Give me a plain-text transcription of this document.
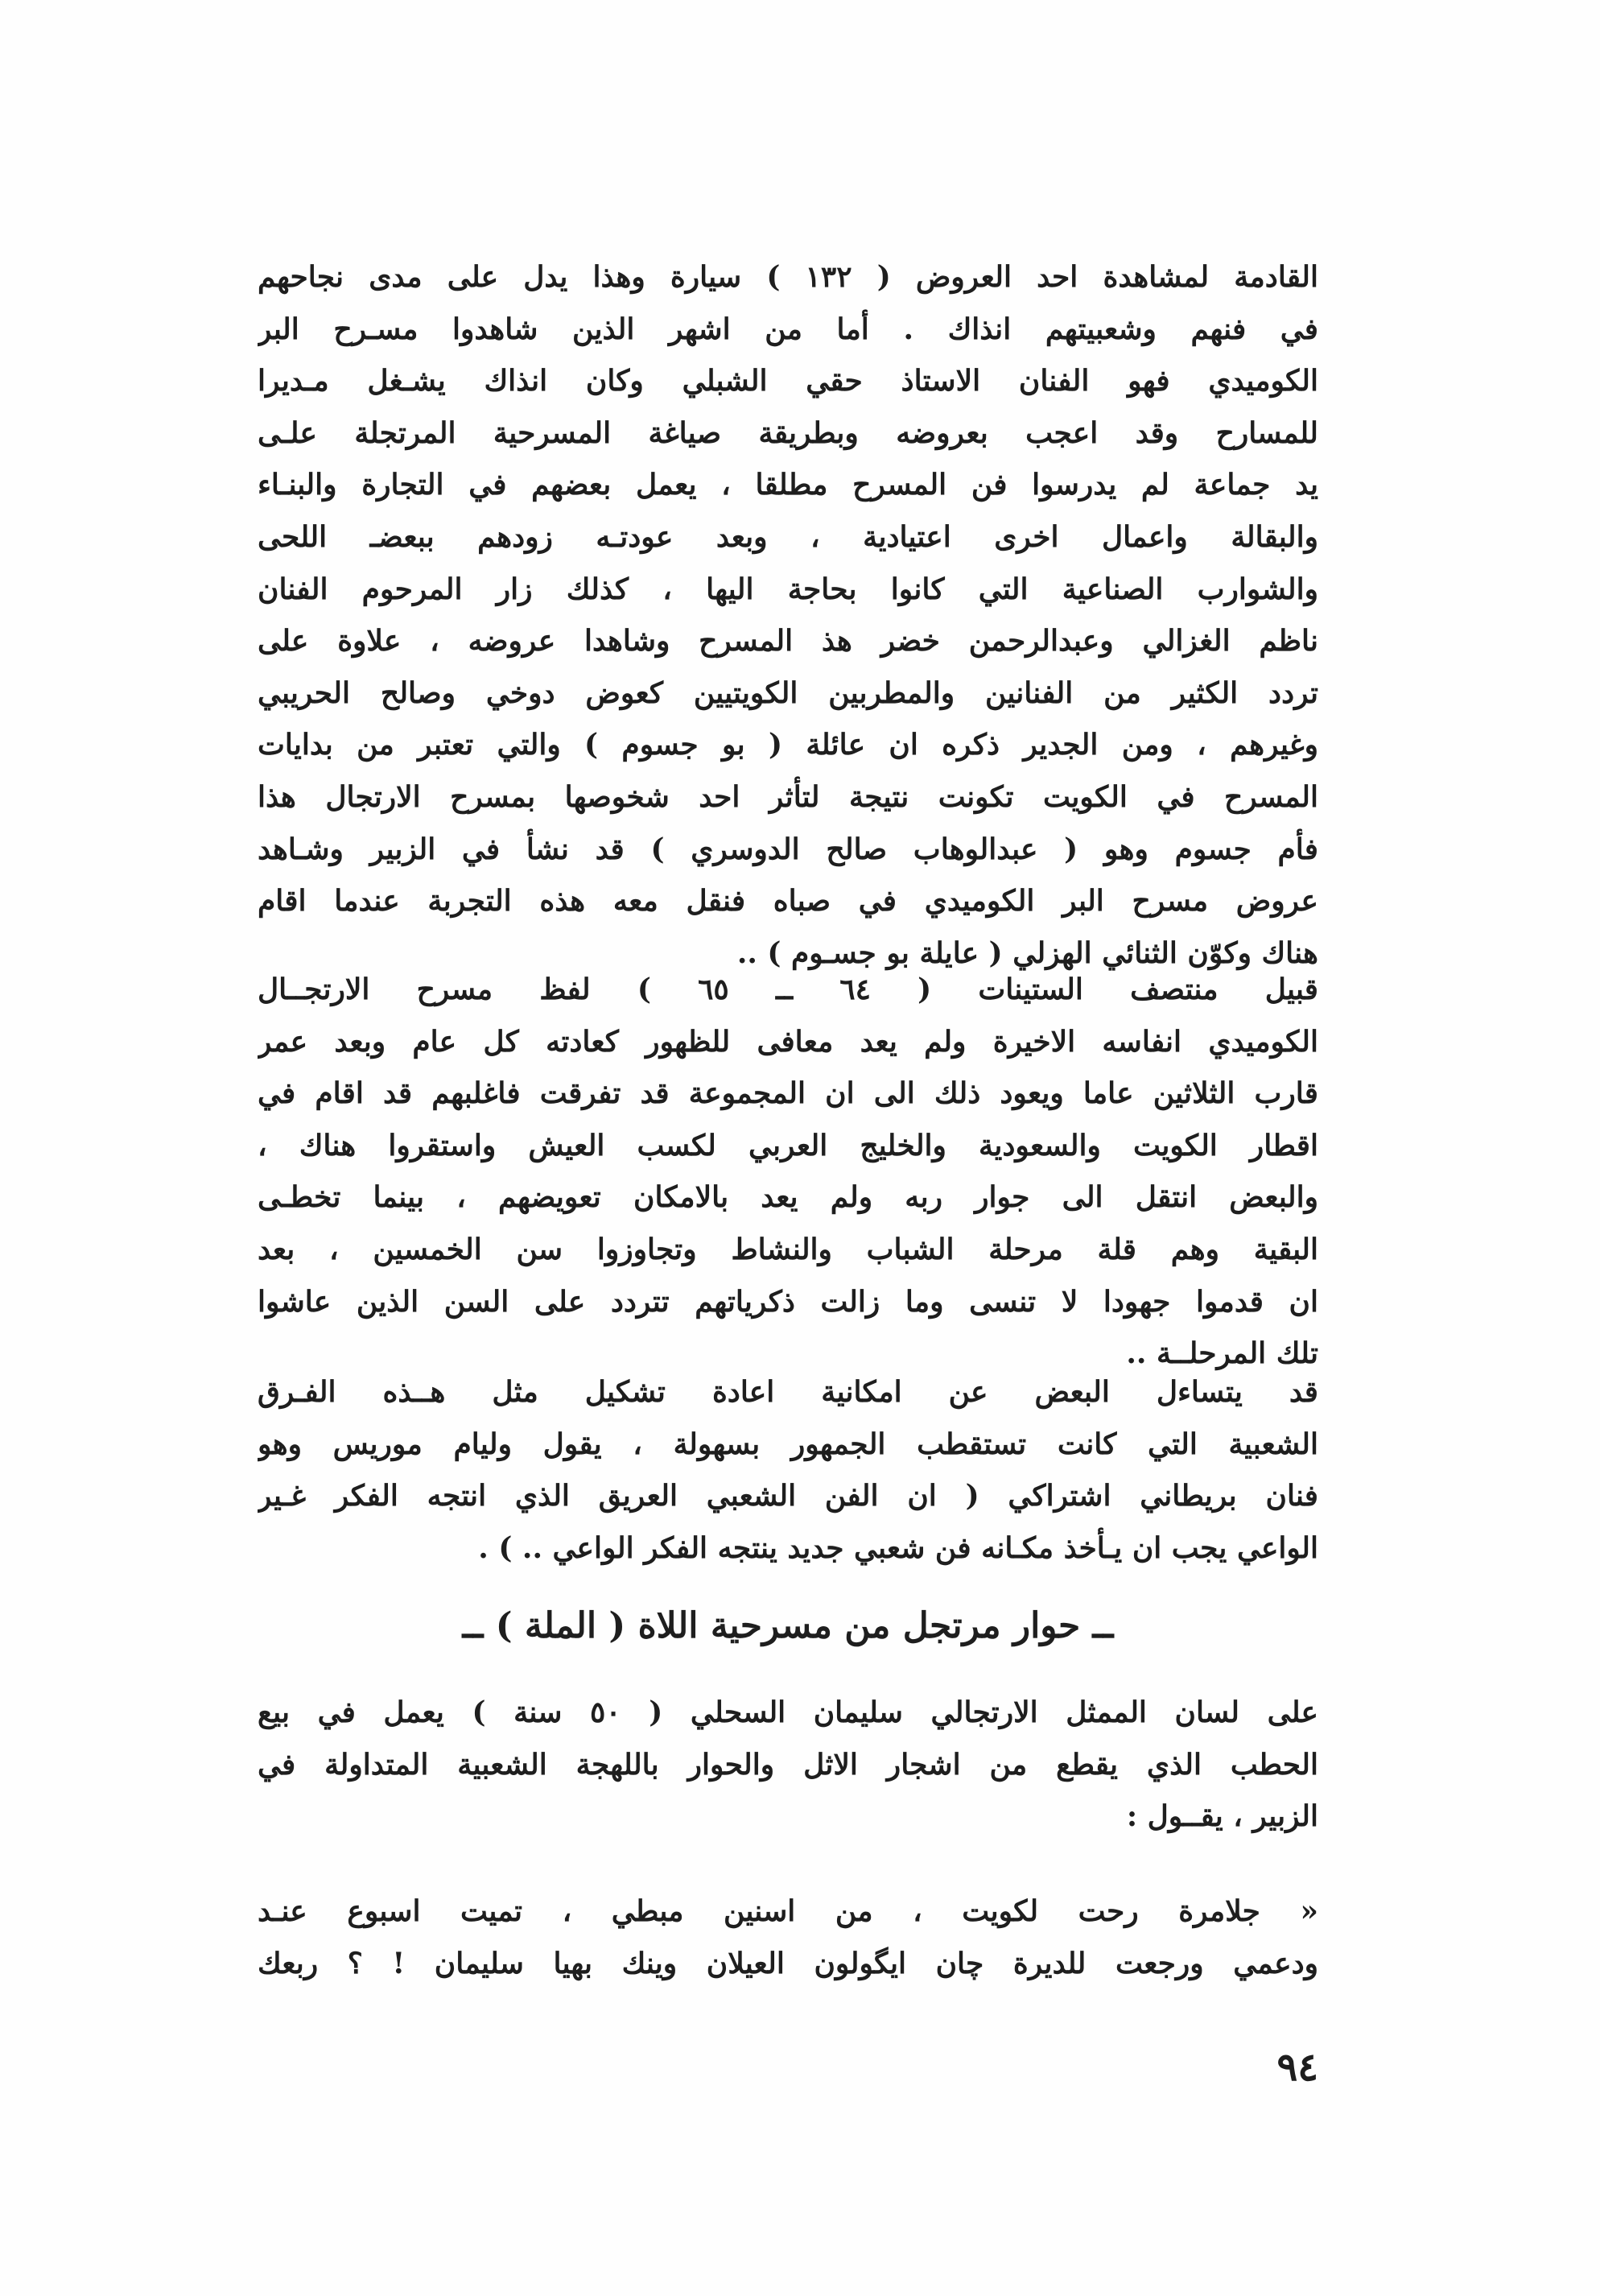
القادمة لمشاهدة احد العروض ( ١٣٢ ) سيارة وهذا يدل على مدى نجاحهم
في فنهم وشعبيتهم انذاك . أما من اشهر الذين شاهدوا مسـرح البر
الكوميدي فهو الفنان الاستاذ حقي الشبلي وكان انذاك يشـغل مـديرا
للمسارح وقد اعجب بعروضه وبطريقة صياغة المسرحية المرتجلة علـى
يد جماعة لم يدرسوا فن المسرح مطلقا ، يعمل بعضهم في التجارة والبنـاء
والبقالة واعمال اخرى اعتيادية ، وبعد عودتـه زودهم ببعضـ اللحى
والشوارب الصناعية التي كانوا بحاجة اليها ، كذلك زار المرحوم الفنان
ناظم الغزالي وعبدالرحمن خضر هذ المسرح وشاهدا عروضه ، علاوة على
تردد الكثير من الفنانين والمطربين الكويتيين كعوض دوخي وصالح الحريبي
وغيرهم ، ومن الجدير ذكره ان عائلة ( بو جسوم ) والتي تعتبر من بدايات
المسرح في الكويت تكونت نتيجة لتأثر احد شخوصها بمسرح الارتجال هذا
فأم جسوم وهو ( عبدالوهاب صالح الدوسري ) قد نشأ في الزبير وشـاهد
عروض مسرح البر الكوميدي في صباه فنقل معه هذه التجربة عندما اقام
هناك وكوّن الثنائي الهزلي ( عايلة بو جسـوم ) ..
قبيل منتصف الستينات ( ٦٤ ــ ٦٥ ) لفظ مسرح الارتجــال
الكوميدي انفاسه الاخيرة ولم يعد معافى للظهور كعادته كل عام وبعد عمر
قارب الثلاثين عاما ويعود ذلك الى ان المجموعة قد تفرقت فاغلبهم قد اقام في
اقطار الكويت والسعودية والخليج العربي لكسب العيش واستقروا هناك ،
والبعض انتقل الى جوار ربه ولم يعد بالامكان تعويضهم ، بينما تخطـى
البقية وهم قلة مرحلة الشباب والنشاط وتجاوزوا سن الخمسين ، بعد
ان قدموا جهودا لا تنسى وما زالت ذكرياتهم تتردد على السن الذين عاشوا
تلك المرحلــة ..
قد يتساءل البعض عن امكانية اعادة تشكيل مثل هــذه الفـرق
الشعبية التي كانت تستقطب الجمهور بسهولة ، يقول وليام موريس وهو
فنان بريطاني اشتراكي ( ان الفن الشعبي العريق الذي انتجه الفكر غـير
الواعي يجب ان يـأخذ مكـانه فن شعبي جديد ينتجه الفكر الواعي .. ) .
ــ حوار مرتجل من مسرحية اللاة ( الملة ) ــ
على لسان الممثل الارتجالي سليمان السحلي ( ٥٠ سنة ) يعمل في بيع
الحطب الذي يقطع من اشجار الاثل والحوار باللهجة الشعبية المتداولة في
الزبير ، يقــول :
« جلامرة رحت لكويت ، من اسنين مبطي ، تميت اسبوع عنـد
ودعمي ورجعت للديرة چان ايگولون العيلان وينك بهيا سليمان ! ؟ ربعك
٩٤
